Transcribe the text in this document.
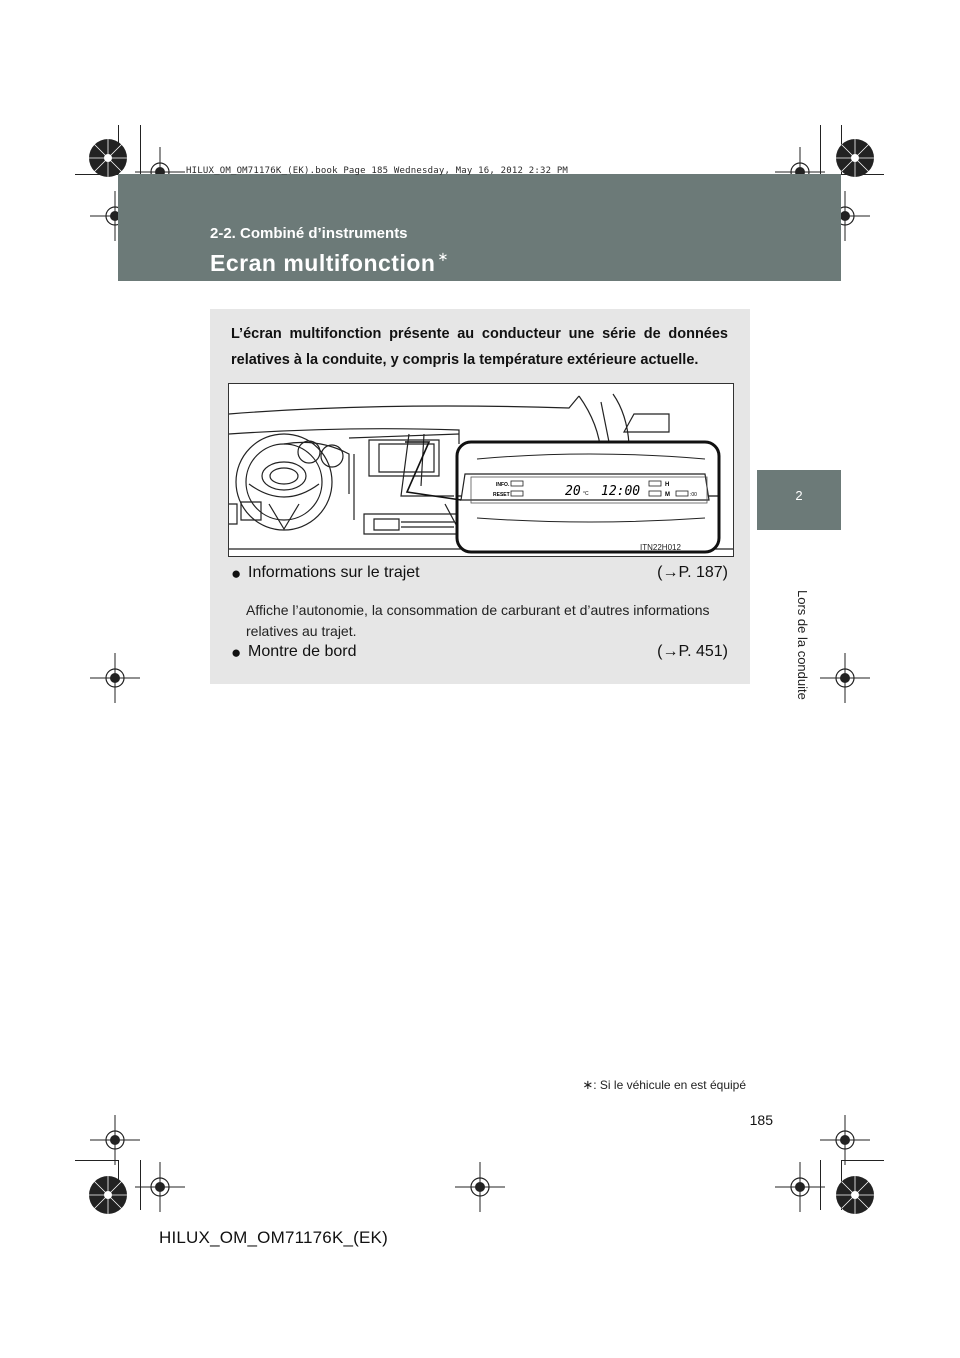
HILUX_OM_OM71176K_(EK).book Page 185 Wednesday, May 16, 2012 2:32 PM
2-2. Combiné d’instruments
Ecran multifonction ∗
2
Lors de la conduite
L’écran multifonction présente au conducteur une série de données relatives à la conduite, y compris la température extérieure actuelle.
INFO.
RESET	20 °C 12:00	H
M	:00
ITN22H012
● Informations sur le trajet	(→P. 187)
Affiche l’autonomie, la consommation de carburant et d’autres informations relatives au trajet.
● Montre de bord	(→P. 451)
∗: Si le véhicule en est équipé
185
HILUX_OM_OM71176K_(EK)
